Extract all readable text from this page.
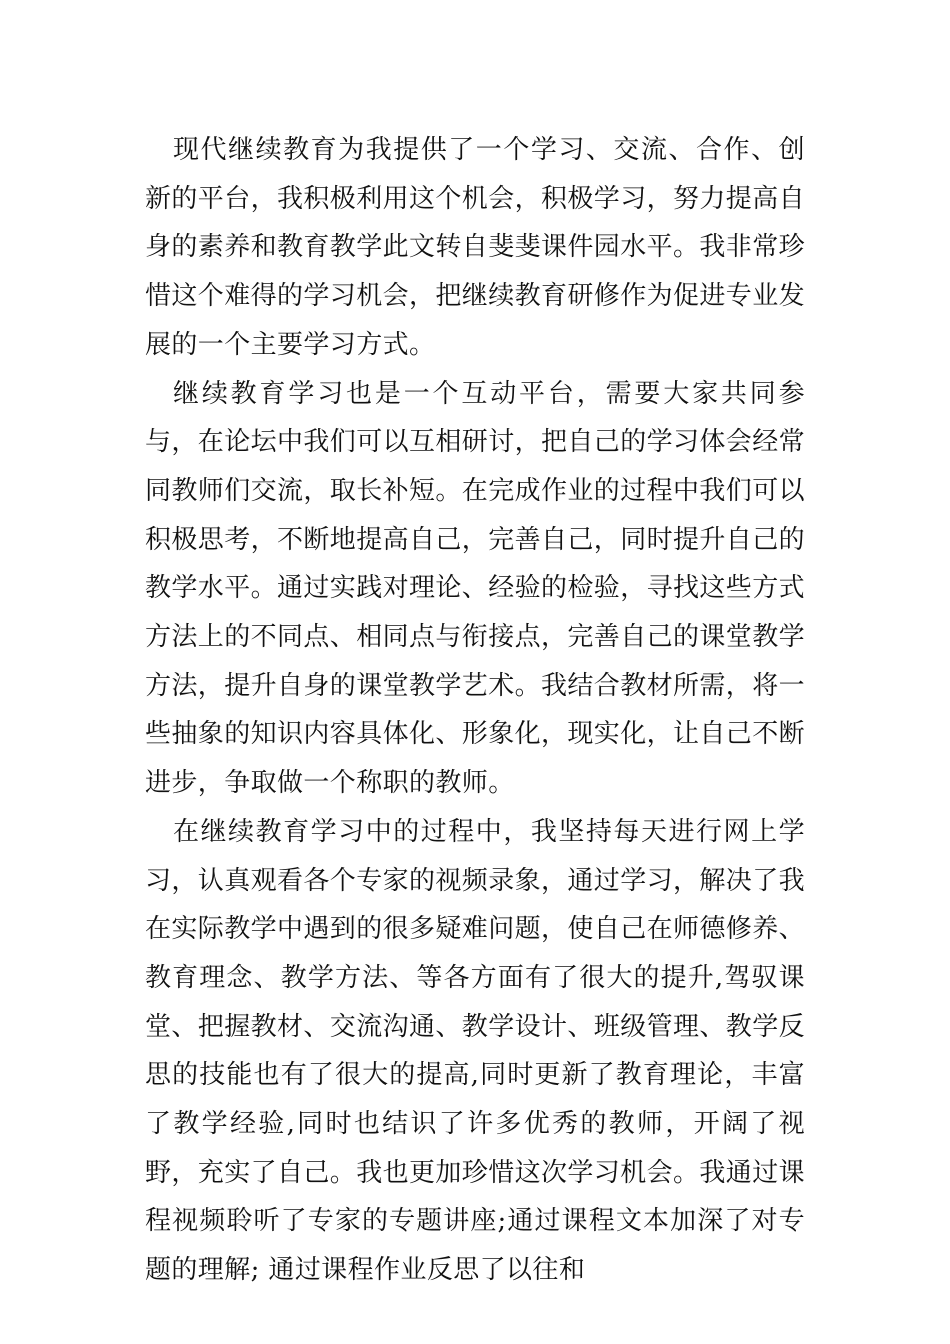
现代继续教育为我提供了一个学习、交流、合作、创新的平台，我积极利用这个机会，积极学习，努力提高自身的素养和教育教学此文转自斐斐课件园水平。我非常珍惜这个难得的学习机会，把继续教育研修作为促进专业发展的一个主要学习方式。

继续教育学习也是一个互动平台，需要大家共同参与，在论坛中我们可以互相研讨，把自己的学习体会经常同教师们交流，取长补短。在完成作业的过程中我们可以积极思考，不断地提高自己，完善自己，同时提升自己的教学水平。通过实践对理论、经验的检验，寻找这些方式方法上的不同点、相同点与衔接点，完善自己的课堂教学方法，提升自身的课堂教学艺术。我结合教材所需，将一些抽象的知识内容具体化、形象化，现实化，让自己不断进步，争取做一个称职的教师。

在继续教育学习中的过程中，我坚持每天进行网上学习，认真观看各个专家的视频录象，通过学习，解决了我在实际教学中遇到的很多疑难问题，使自己在师德修养、教育理念、教学方法、等各方面有了很大的提升,驾驭课堂、把握教材、交流沟通、教学设计、班级管理、教学反思的技能也有了很大的提高,同时更新了教育理论，丰富了教学经验,同时也结识了许多优秀的教师，开阔了视野，充实了自己。我也更加珍惜这次学习机会。我通过课程视频聆听了专家的专题讲座;通过课程文本加深了对专题的理解; 通过课程作业反思了以往和
